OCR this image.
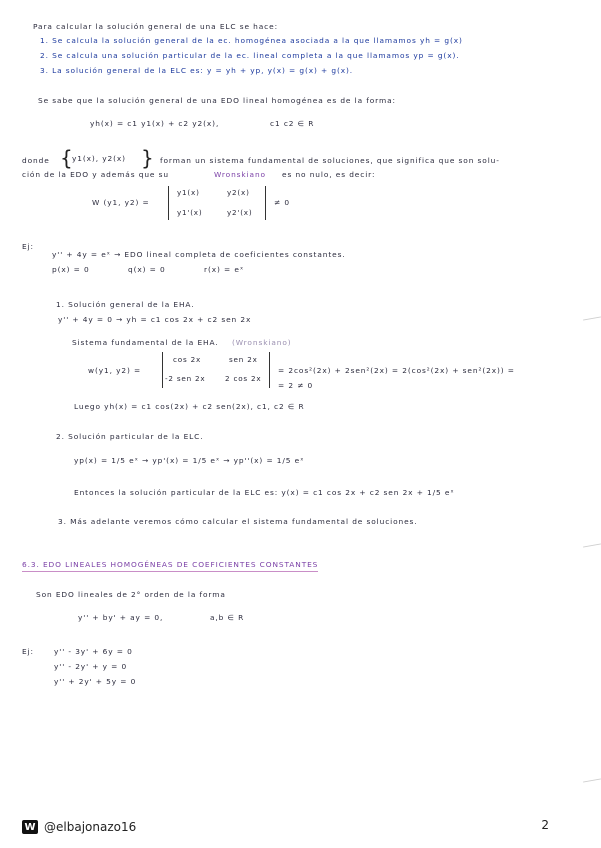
Para calcular la solución general de una ELC se hace:
1. Se calcula la solución general de la ec. homogénea asociada a la que llamamos yh = g(x)
2. Se calcula una solución particular de la ec. lineal completa a la que llamamos yp = g(x).
3. La solución general de la ELC es: y = yh + yp, y(x) = g(x) + g(x).
Se sabe que la solución general de una EDO lineal homogénea es de la forma:
yh(x) = c1 y1(x) + c2 y2(x),	c1 c2 ∈ R
donde { y1(x), y2(x) } forman un sistema fundamental de soluciones, que significa que son solu-
ción de la EDO y además que su	Wronskiano es no nulo, es decir:
W (y1, y2) =
y1(x)	y2(x)
y1'(x)	y2'(x)
≠ 0
Ej:
y'' + 4y = eˣ → EDO lineal completa de coeficientes constantes.
p(x) = 0	q(x) = 0	r(x) = eˣ
1. Solución general de la EHA.
y'' + 4y = 0 → yh = c1 cos 2x + c2 sen 2x
Sistema fundamental de la EHA. (Wronskiano)
w(y1, y2) =
cos 2x	sen 2x
-2 sen 2x	2 cos 2x
= 2cos²(2x) + 2sen²(2x) = 2(cos²(2x) + sen²(2x)) =
= 2 ≠ 0
Luego yh(x) = c1 cos(2x) + c2 sen(2x), c1, c2 ∈ R
2. Solución particular de la ELC.
yp(x) = 1/5 eˣ → yp'(x) = 1/5 eˣ → yp''(x) = 1/5 eˣ
Entonces la solución particular de la ELC es: y(x) = c1 cos 2x + c2 sen 2x + 1/5 eˣ
3. Más adelante veremos cómo calcular el sistema fundamental de soluciones.
6.3. EDO LINEALES HOMOGÉNEAS DE COEFICIENTES CONSTANTES
Son EDO lineales de 2° orden de la forma
y'' + by' + ay = 0,	a,b ∈ R
Ej:	y'' - 3y' + 6y = 0
y'' - 2y' + y = 0
y'' + 2y' + 5y = 0
W @elbajonazo16	2
